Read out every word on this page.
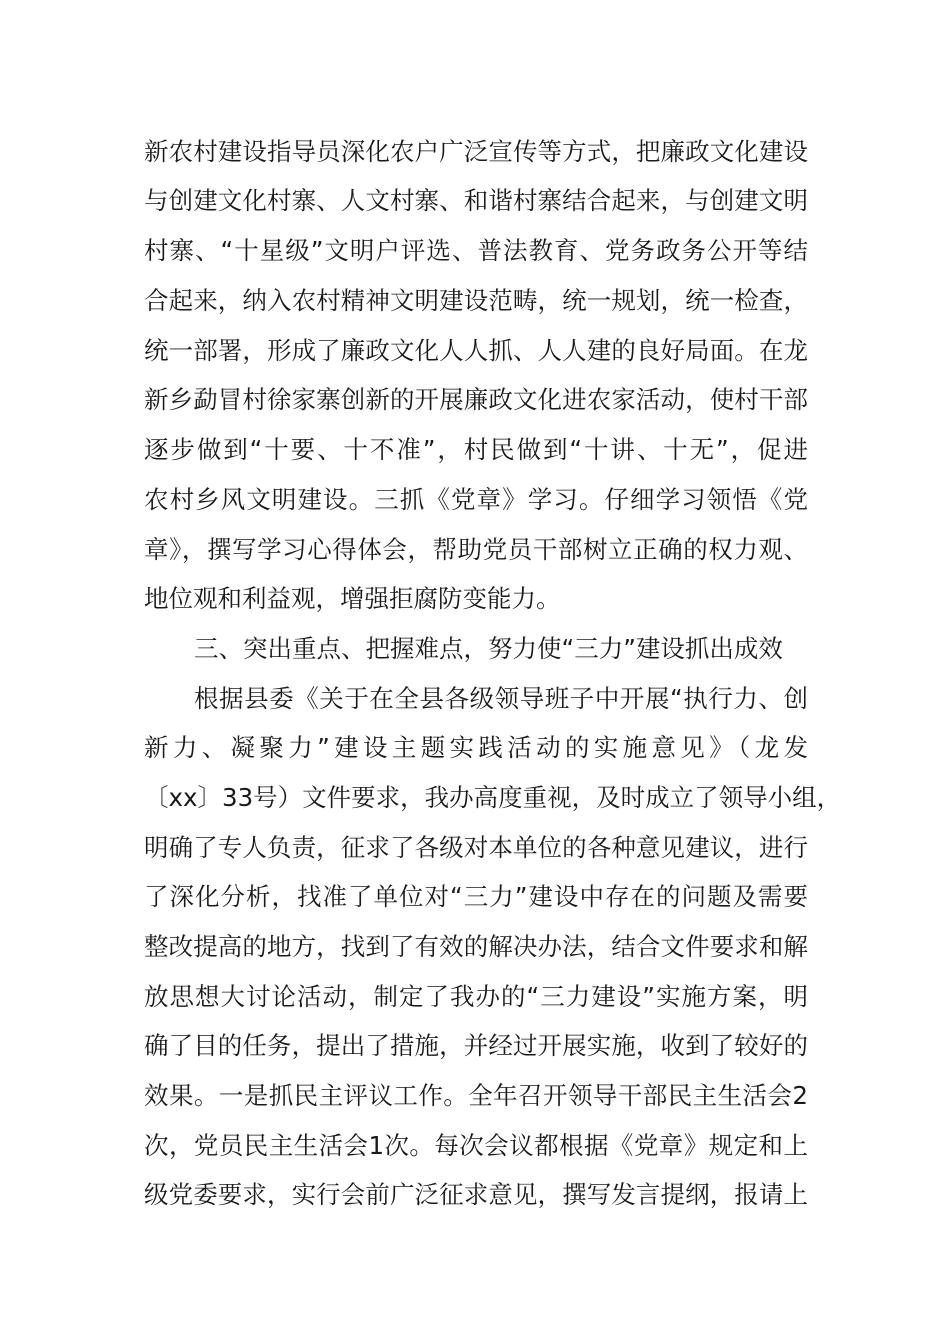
新农村建设指导员深化农户广泛宣传等方式，把廉政文化建设
与创建文化村寨、人文村寨、和谐村寨结合起来，与创建文明
村寨、“十星级”文明户评选、普法教育、党务政务公开等结
合起来，纳入农村精神文明建设范畴，统一规划，统一检查，
统一部署，形成了廉政文化人人抓、人人建的良好局面。在龙
新乡勐冒村徐家寨创新的开展廉政文化进农家活动，使村干部
逐步做到“十要、十不准”，村民做到“十讲、十无”，促进
农村乡风文明建设。三抓《党章》学习。仔细学习领悟《党
章》，撰写学习心得体会，帮助党员干部树立正确的权力观、
地位观和利益观，增强拒腐防变能力。
三、突出重点、把握难点，努力使“三力”建设抓出成效
根据县委《关于在全县各级领导班子中开展“执行力、创
新力、凝聚力”建设主题实践活动的实施意见》（龙发
〔xx〕33号）文件要求，我办高度重视，及时成立了领导小组，
明确了专人负责，征求了各级对本单位的各种意见建议，进行
了深化分析，找准了单位对“三力”建设中存在的问题及需要
整改提高的地方，找到了有效的解决办法，结合文件要求和解
放思想大讨论活动，制定了我办的“三力建设”实施方案，明
确了目的任务，提出了措施，并经过开展实施，收到了较好的
效果。一是抓民主评议工作。全年召开领导干部民主生活会2
次，党员民主生活会1次。每次会议都根据《党章》规定和上
级党委要求，实行会前广泛征求意见，撰写发言提纲，报请上
